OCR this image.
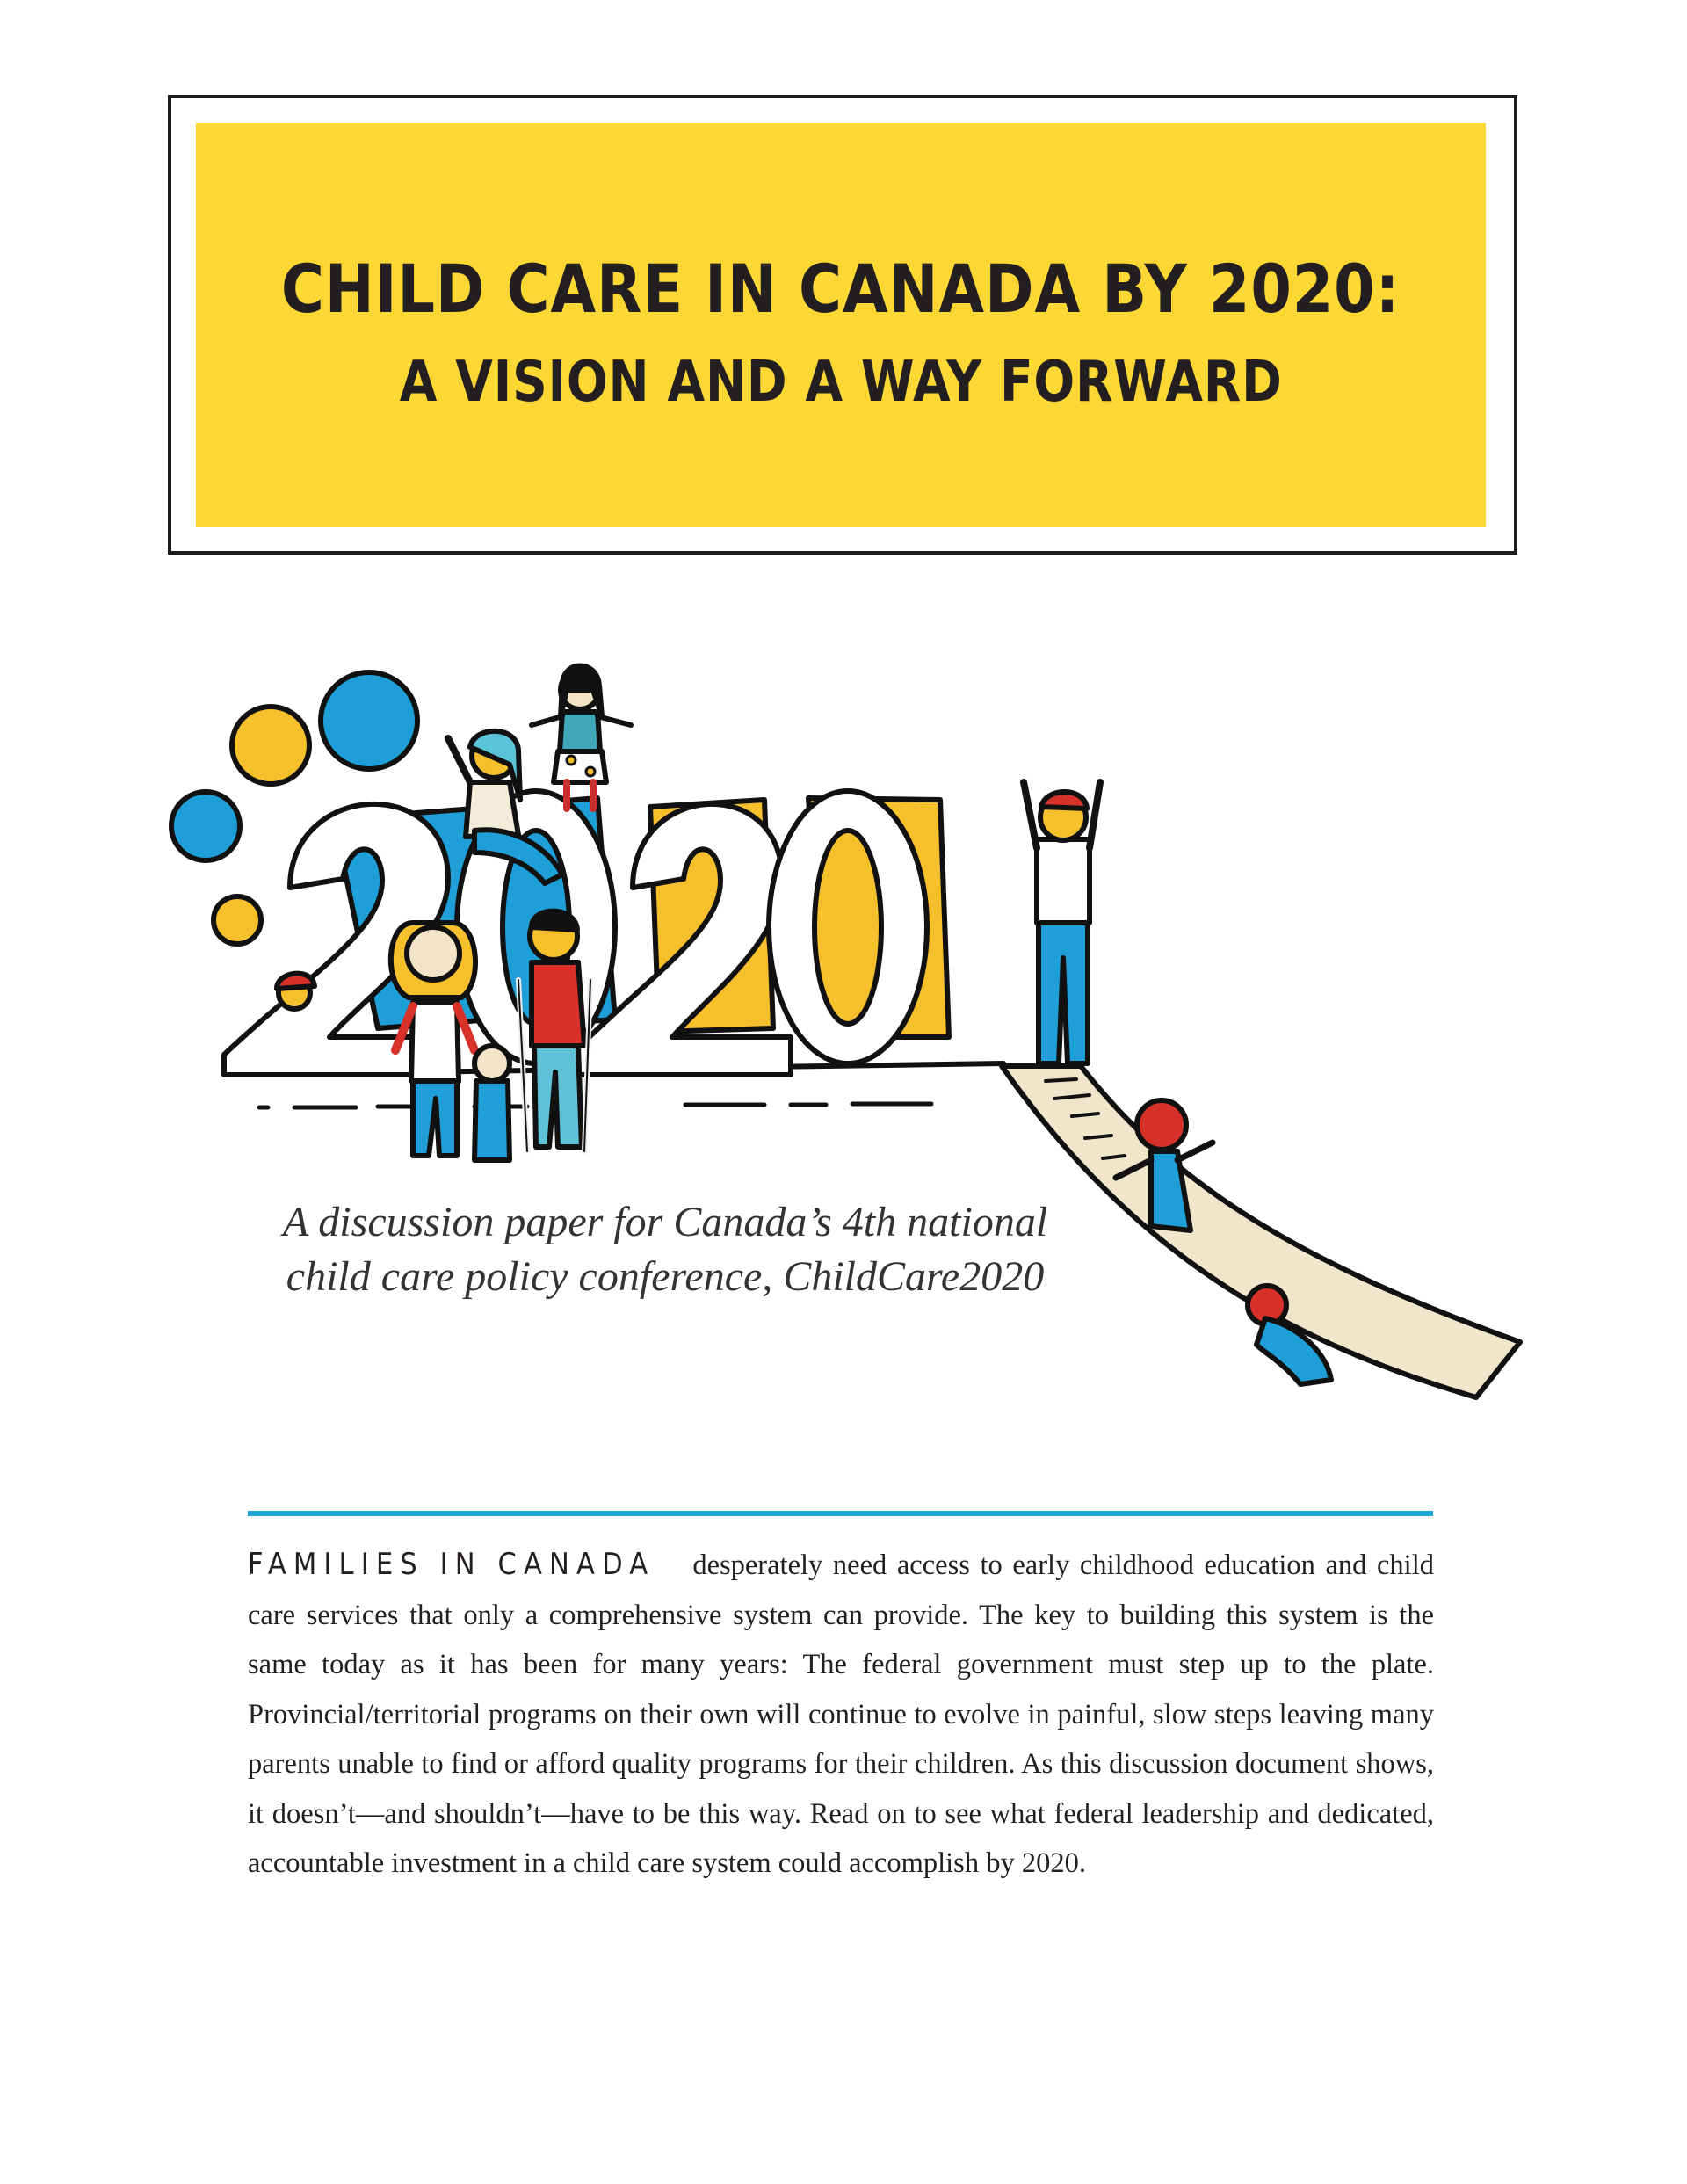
CHILD CARE IN CANADA BY 2020:
A VISION AND A WAY FORWARD
A discussion paper for Canada’s 4th national
child care policy conference, ChildCare2020

FAMILIES IN CANADA desperately need access to early childhood education and child care services that only a comprehensive system can provide. The key to building this system is the same today as it has been for many years: The federal government must step up to the plate. Provincial/territorial programs on their own will continue to evolve in painful, slow steps leaving many parents unable to find or afford quality programs for their children. As this discussion document shows, it doesn’t—and shouldn’t—have to be this way. Read on to see what federal leadership and dedicated, accountable investment in a child care system could accomplish by 2020.
